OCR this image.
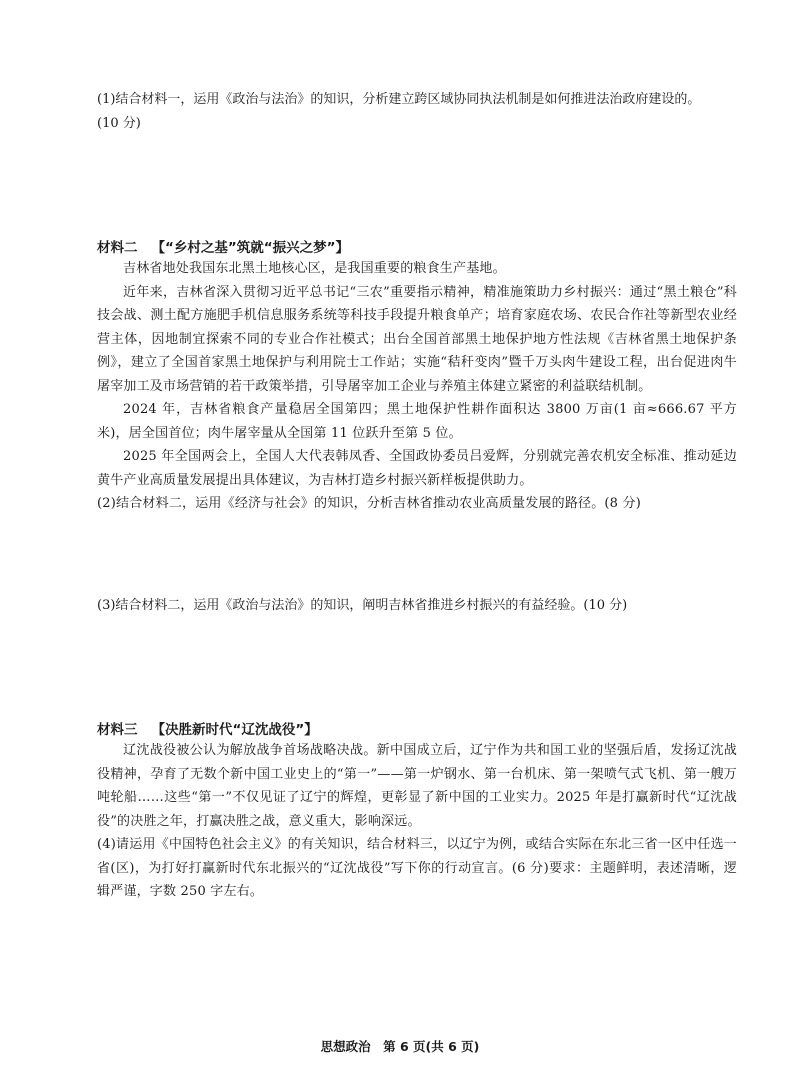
(1)结合材料一，运用《政治与法治》的知识，分析建立跨区域协同执法机制是如何推进法治政府建设的。
(10 分)

材料二 【“乡村之基”筑就“振兴之梦”】

吉林省地处我国东北黑土地核心区，是我国重要的粮食生产基地。

近年来，吉林省深入贯彻习近平总书记“三农”重要指示精神，精准施策助力乡村振兴：通过“黑土粮仓”科技会战、测土配方施肥手机信息服务系统等科技手段提升粮食单产；培育家庭农场、农民合作社等新型农业经营主体，因地制宜探索不同的专业合作社模式；出台全国首部黑土地保护地方性法规《吉林省黑土地保护条例》，建立了全国首家黑土地保护与利用院士工作站；实施“秸秆变肉”暨千万头肉牛建设工程，出台促进肉牛屠宰加工及市场营销的若干政策举措，引导屠宰加工企业与养殖主体建立紧密的利益联结机制。

2024 年，吉林省粮食产量稳居全国第四；黑土地保护性耕作面积达 3800 万亩(1 亩≈666.67 平方米)，居全国首位；肉牛屠宰量从全国第 11 位跃升至第 5 位。

2025 年全国两会上，全国人大代表韩凤香、全国政协委员吕爱辉，分别就完善农机安全标准、推动延边黄牛产业高质量发展提出具体建议，为吉林打造乡村振兴新样板提供助力。

(2)结合材料二，运用《经济与社会》的知识，分析吉林省推动农业高质量发展的路径。(8 分)

(3)结合材料二，运用《政治与法治》的知识，阐明吉林省推进乡村振兴的有益经验。(10 分)

材料三 【决胜新时代“辽沈战役”】

辽沈战役被公认为解放战争首场战略决战。新中国成立后，辽宁作为共和国工业的坚强后盾，发扬辽沈战役精神，孕育了无数个新中国工业史上的“第一”——第一炉钢水、第一台机床、第一架喷气式飞机、第一艘万吨轮船……这些“第一”不仅见证了辽宁的辉煌，更彰显了新中国的工业实力。2025 年是打赢新时代“辽沈战役”的决胜之年，打赢决胜之战，意义重大，影响深远。

(4)请运用《中国特色社会主义》的有关知识，结合材料三，以辽宁为例，或结合实际在东北三省一区中任选一省(区)，为打好打赢新时代东北振兴的“辽沈战役”写下你的行动宣言。(6 分)要求：主题鲜明，表述清晰，逻辑严谨，字数 250 字左右。

思想政治　第 6 页(共 6 页)
